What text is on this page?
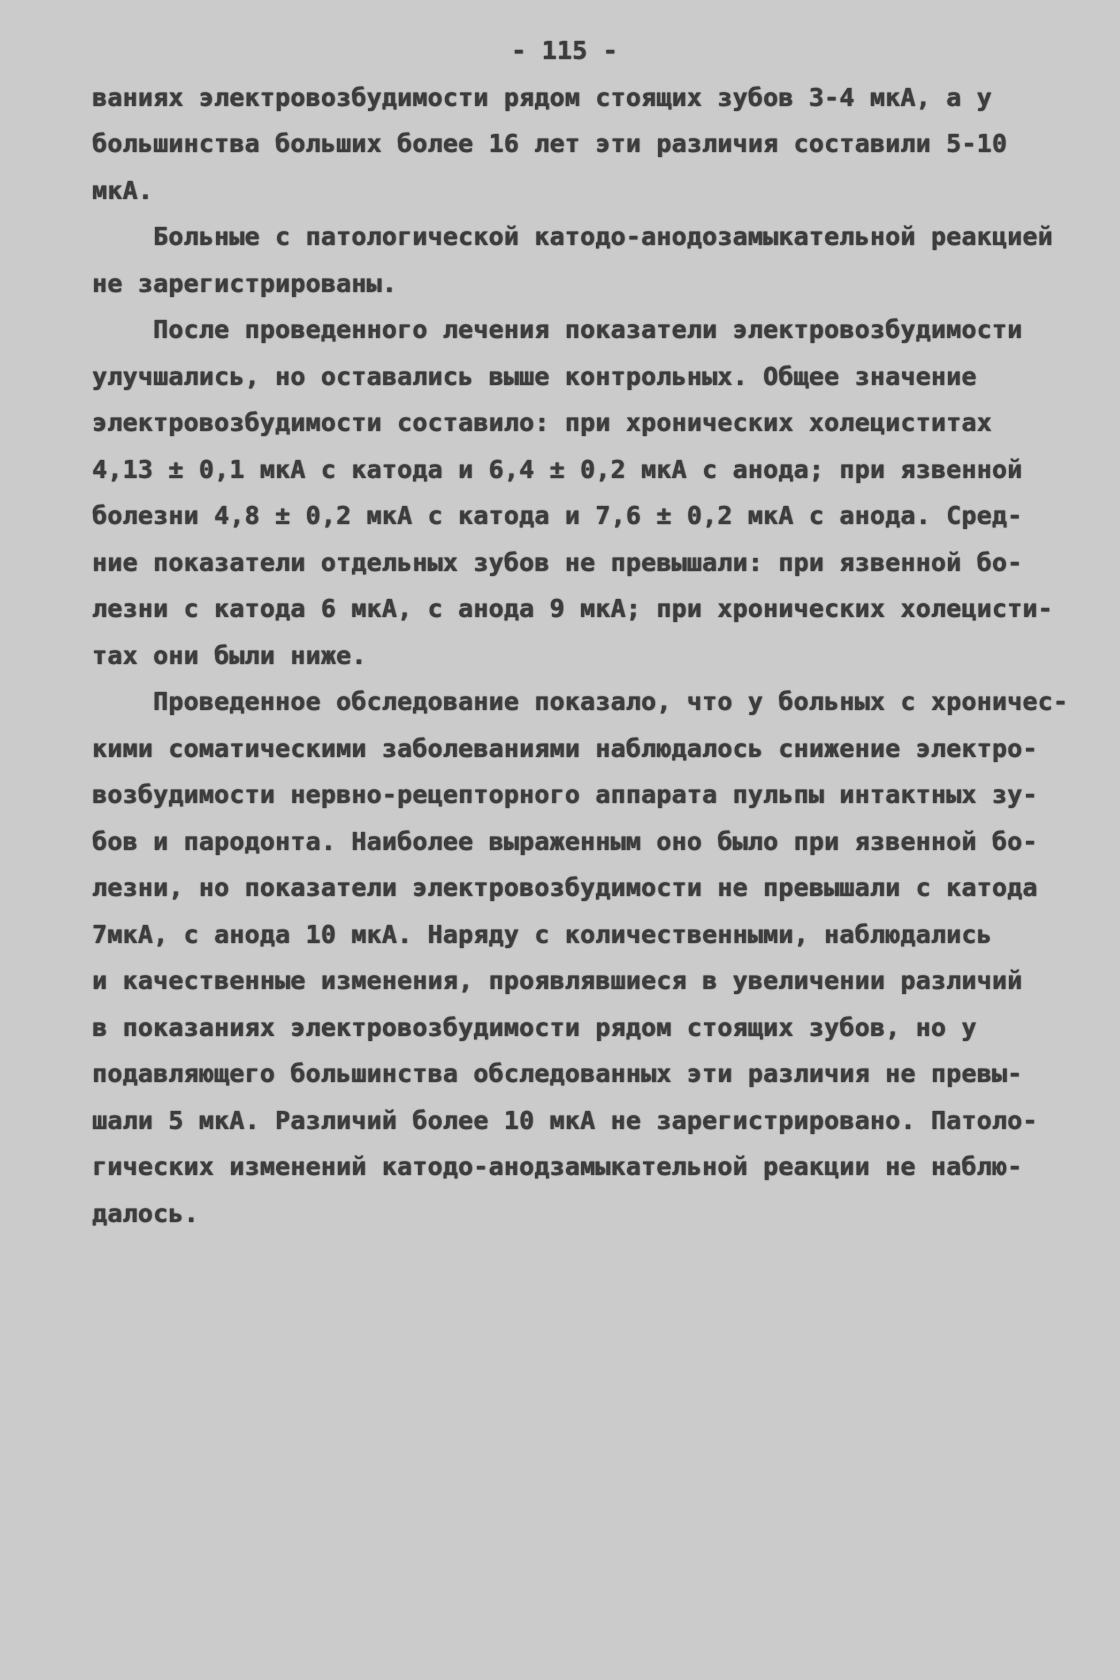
- 115 -
ваниях электровозбудимости рядом стоящих зубов 3-4 мкА, а у
большинства больших более 16 лет эти различия составили 5-10
мкА.
Больные с патологической катодо-анодозамыкательной реакцией
не зарегистрированы.
После проведенного лечения показатели электровозбудимости
улучшались, но оставались выше контрольных. Общее значение
электровозбудимости составило: при хронических холециститах
4,13 ± 0,1 мкА с катода и 6,4 ± 0,2 мкА с анода; при язвенной
болезни 4,8 ± 0,2 мкА с катода и 7,6 ± 0,2 мкА с анода. Сред-
ние показатели отдельных зубов не превышали: при язвенной бо-
лезни с катода 6 мкА, с анода 9 мкА; при хронических холецисти-
тах они были ниже.
Проведенное обследование показало, что у больных с хроничес-
кими соматическими заболеваниями наблюдалось снижение электро-
возбудимости нервно-рецепторного аппарата пульпы интактных зу-
бов и пародонта. Наиболее выраженным оно было при язвенной бо-
лезни, но показатели электровозбудимости не превышали с катода
7мкА, с анода 10 мкА. Наряду с количественными, наблюдались
и качественные изменения, проявлявшиеся в увеличении различий
в показаниях электровозбудимости рядом стоящих зубов, но у
подавляющего большинства обследованных эти различия не превы-
шали 5 мкА. Различий более 10 мкА не зарегистрировано. Патоло-
гических изменений катодо-анодзамыкательной реакции не наблю-
далось.
